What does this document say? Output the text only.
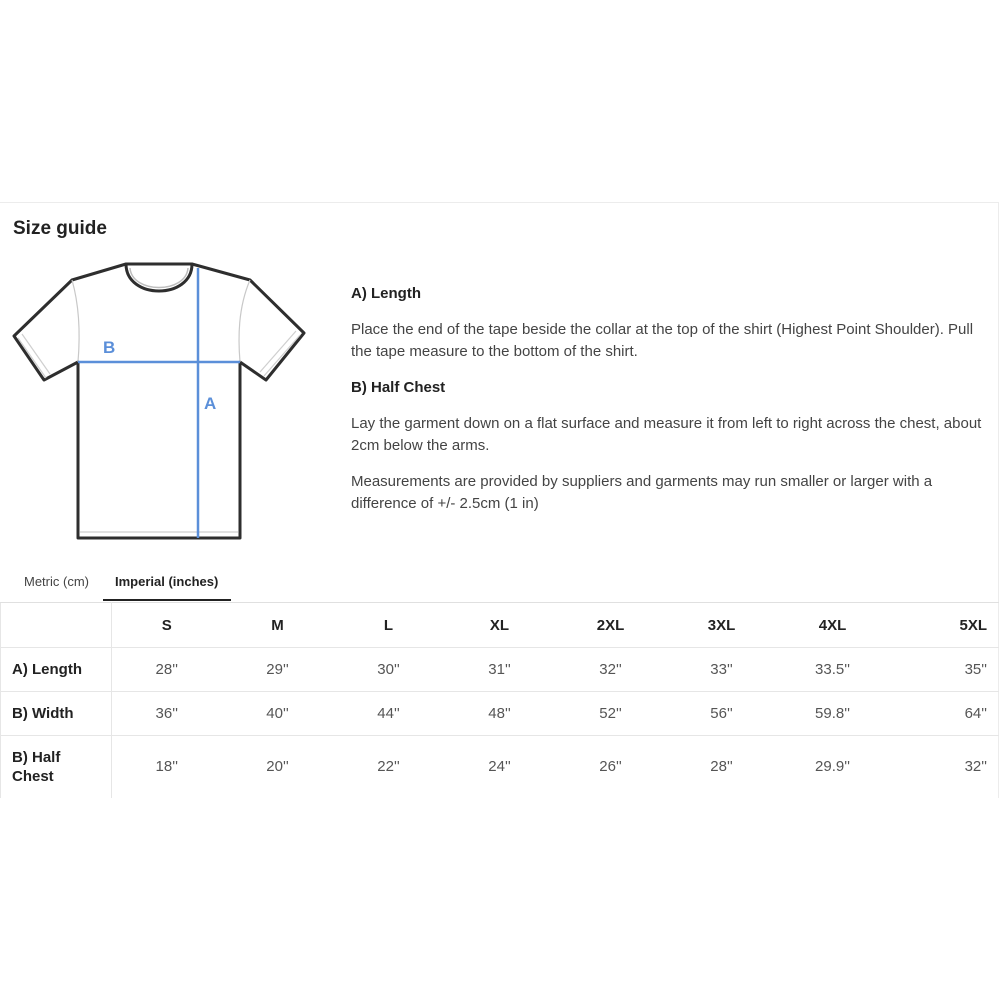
Size guide
B
A
A) Length

Place the end of the tape beside the collar at the top of the shirt (Highest Point Shoulder). Pull the tape measure to the bottom of the shirt.

B) Half Chest

Lay the garment down on a flat surface and measure it from left to right across the chest, about 2cm below the arms.

Measurements are provided by suppliers and garments may run smaller or larger with a difference of +/- 2.5cm (1 in)

Metric (cm)	Imperial (inches)
	S	M	L	XL	2XL	3XL	4XL	5XL
A) Length	28''	29''	30''	31''	32''	33''	33.5''	35''
B) Width	36''	40''	44''	48''	52''	56''	59.8''	64''
B) Half Chest	18''	20''	22''	24''	26''	28''	29.9''	32''
